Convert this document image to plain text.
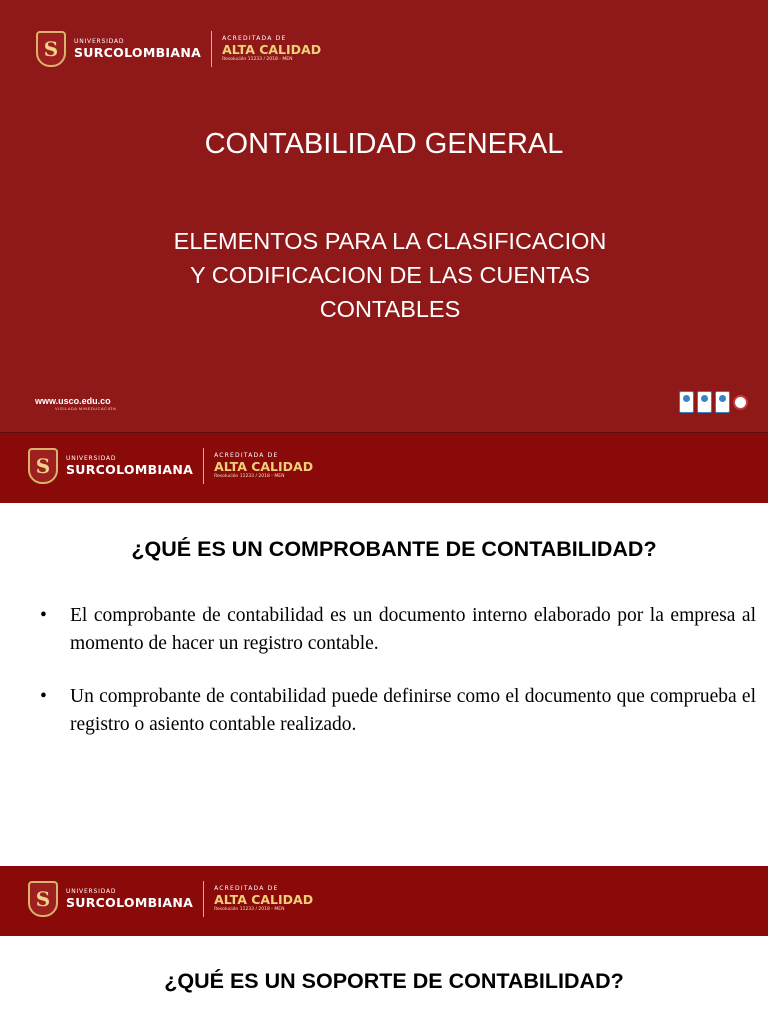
S	UNIVERSIDAD
SURCOLOMBIANA
ACREDITADA DE
ALTA CALIDAD
Resolución 11233 / 2018 - MEN
CONTABILIDAD GENERAL
ELEMENTOS PARA LA CLASIFICACION
Y CODIFICACION DE LAS CUENTAS
CONTABLES
www.usco.edu.co
VIGILADA MINEDUCACIÓN
S	UNIVERSIDAD
SURCOLOMBIANA
ACREDITADA DE
ALTA CALIDAD
Resolución 11233 / 2018 - MEN
¿QUÉ ES UN COMPROBANTE DE CONTABILIDAD?
•	El comprobante de contabilidad es un documento interno elaborado por la empresa al momento de hacer un registro contable.
•	Un comprobante de contabilidad puede definirse como el documento que comprueba el registro o asiento contable realizado.
S	UNIVERSIDAD
SURCOLOMBIANA
ACREDITADA DE
ALTA CALIDAD
Resolución 11233 / 2018 - MEN
¿QUÉ ES UN SOPORTE DE CONTABILIDAD?
